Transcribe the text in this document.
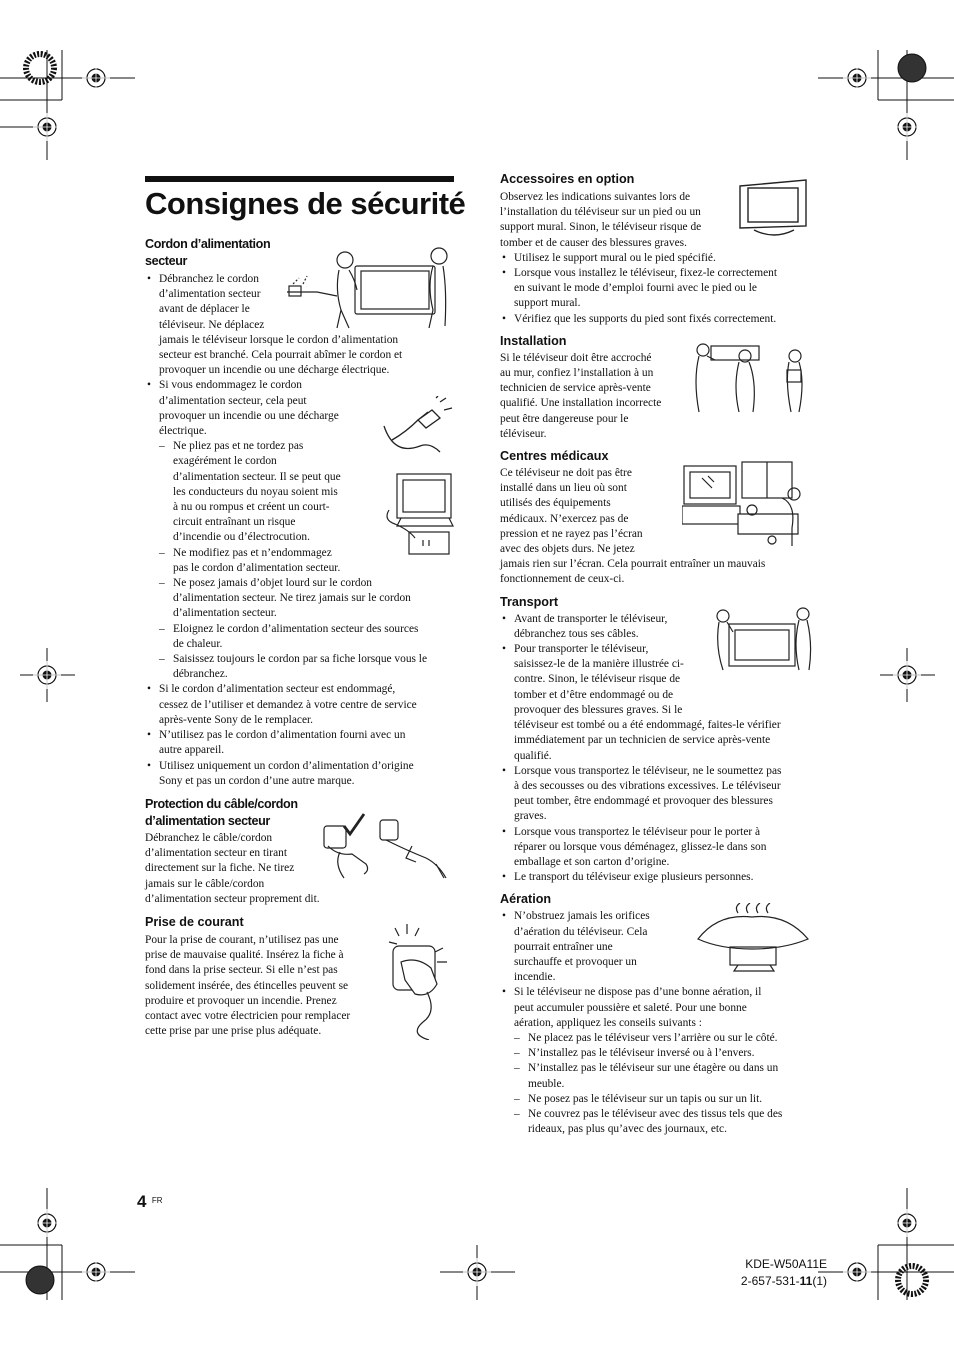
Consignes de sécurité
Cordon d’alimentation
secteur
• Débranchez le cordon
d’alimentation secteur
avant de déplacer le
téléviseur. Ne déplacez
jamais le téléviseur lorsque le cordon d’alimentation
secteur est branché. Cela pourrait abîmer le cordon et
provoquer un incendie ou une décharge électrique.
• Si vous endommagez le cordon
d’alimentation secteur, cela peut
provoquer un incendie ou une décharge
électrique.
– Ne pliez pas et ne tordez pas
exagérément le cordon
d’alimentation secteur. Il se peut que
les conducteurs du noyau soient mis
à nu ou rompus et créent un court-
circuit entraînant un risque
d’incendie ou d’électrocution.
– Ne modifiez pas et n’endommagez
pas le cordon d’alimentation secteur.
– Ne posez jamais d’objet lourd sur le cordon
d’alimentation secteur. Ne tirez jamais sur le cordon
d’alimentation secteur.
– Eloignez le cordon d’alimentation secteur des sources
de chaleur.
– Saisissez toujours le cordon par sa fiche lorsque vous le
débranchez.
• Si le cordon d’alimentation secteur est endommagé,
cessez de l’utiliser et demandez à votre centre de service
après-vente Sony de le remplacer.
• N’utilisez pas le cordon d’alimentation fourni avec un
autre appareil.
• Utilisez uniquement un cordon d’alimentation d’origine
Sony et pas un cordon d’une autre marque.
Protection du câble/cordon
d’alimentation secteur

Débranchez le câble/cordon
d’alimentation secteur en tirant
directement sur la fiche. Ne tirez
jamais sur le câble/cordon
d’alimentation secteur proprement dit.

Prise de courant

Pour la prise de courant, n’utilisez pas une
prise de mauvaise qualité. Insérez la fiche à
fond dans la prise secteur. Si elle n’est pas
solidement insérée, des étincelles peuvent se
produire et provoquer un incendie. Prenez
contact avec votre électricien pour remplacer
cette prise par une prise plus adéquate.

Accessoires en option

Observez les indications suivantes lors de
l’installation du téléviseur sur un pied ou un
support mural. Sinon, le téléviseur risque de
tomber et de causer des blessures graves.

• Utilisez le support mural ou le pied spécifié.
• Lorsque vous installez le téléviseur, fixez-le correctement
en suivant le mode d’emploi fourni avec le pied ou le
support mural.
• Vérifiez que les supports du pied sont fixés correctement.
Installation

Si le téléviseur doit être accroché
au mur, confiez l’installation à un
technicien de service après-vente
qualifié. Une installation incorrecte
peut être dangereuse pour le
téléviseur.

Centres médicaux

Ce téléviseur ne doit pas être
installé dans un lieu où sont
utilisés des équipements
médicaux. N’exercez pas de
pression et ne rayez pas l’écran
avec des objets durs. Ne jetez
jamais rien sur l’écran. Cela pourrait entraîner un mauvais
fonctionnement de ceux-ci.

Transport
• Avant de transporter le téléviseur,
débranchez tous ses câbles.
• Pour transporter le téléviseur,
saisissez-le de la manière illustrée ci-
contre. Sinon, le téléviseur risque de
tomber et d’être endommagé ou de
provoquer des blessures graves. Si le
téléviseur est tombé ou a été endommagé, faites-le vérifier
immédiatement par un technicien de service après-vente
qualifié.
• Lorsque vous transportez le téléviseur, ne le soumettez pas
à des secousses ou des vibrations excessives. Le téléviseur
peut tomber, être endommagé et provoquer des blessures
graves.
• Lorsque vous transportez le téléviseur pour le porter à
réparer ou lorsque vous déménagez, glissez-le dans son
emballage et son carton d’origine.
• Le transport du téléviseur exige plusieurs personnes.
Aération
• N’obstruez jamais les orifices
d’aération du téléviseur. Cela
pourrait entraîner une
surchauffe et provoquer un
incendie.
• Si le téléviseur ne dispose pas d’une bonne aération, il
peut accumuler poussière et saleté. Pour une bonne
aération, appliquez les conseils suivants :
– Ne placez pas le téléviseur vers l’arrière ou sur le côté.
– N’installez pas le téléviseur inversé ou à l’envers.
– N’installez pas le téléviseur sur une étagère ou dans un
meuble.
– Ne posez pas le téléviseur sur un tapis ou sur un lit.
– Ne couvrez pas le téléviseur avec des tissus tels que des
rideaux, pas plus qu’avec des journaux, etc.
4 $^{FR}$
KDE-W50A11E
2-657-531-11(1)
